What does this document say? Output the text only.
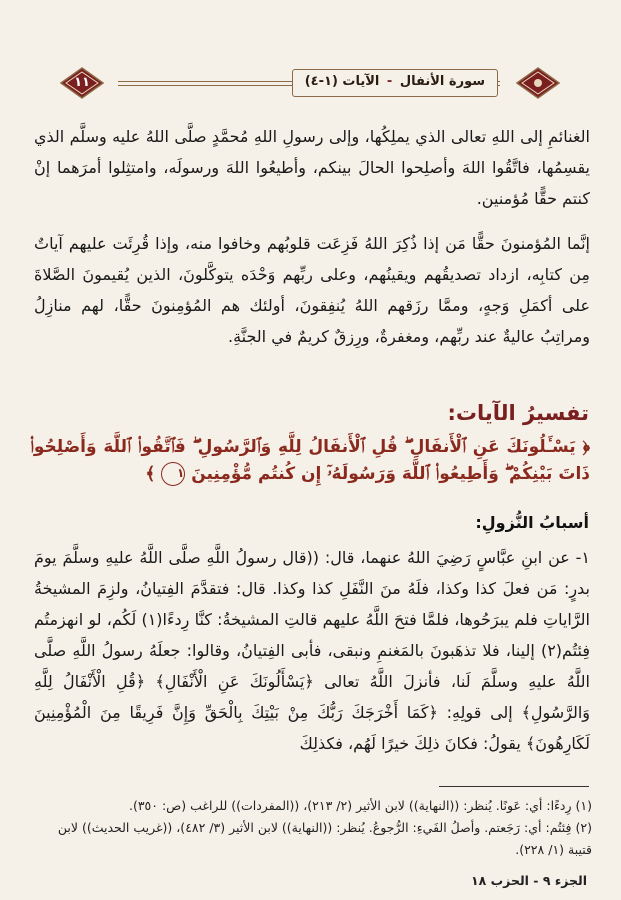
١١	سورة الأنفال - الآيات (١-٤)

الغنائمِ إلى اللهِ تعالى الذي يملِكُها، وإلى رسولِ اللهِ مُحمَّدٍ صلَّى اللهُ عليه وسلَّم الذي يقسِمُها، فاتَّقُوا اللهَ وأصلِحوا الحالَ بينكم، وأطيعُوا اللهَ ورسولَه، وامتثِلوا أمرَهما إنْ كنتم حقًّا مُؤمنين.

إنَّما المُؤمنونَ حقًّا مَن إذا ذُكِرَ اللهُ فَزِعَت قلوبُهم وخافوا منه، وإذا قُرِئَت عليهم آياتٌ مِن كتابِه، ازداد تصديقُهم ويقينُهم، وعلى ربِّهم وَحْدَه يتوكَّلونَ، الذين يُقيمونَ الصَّلاةَ على أكمَلِ وَجهٍ، وممَّا رزَقهم اللهُ يُنفِقونَ، أولئك هم المُؤمِنونَ حقًّا، لهم منازِلُ ومراتِبُ عاليةٌ عند ربِّهم، ومغفرةٌ، ورِزقٌ كريمٌ في الجنَّةِ.

تفسيرُ الآيات:
﴿ يَسْـَٔلُونَكَ عَنِ ٱلْأَنفَالِ ۖ قُلِ ٱلْأَنفَالُ لِلَّهِ وَٱلرَّسُولِ ۖ فَٱتَّقُوا۟ ٱللَّهَ وَأَصْلِحُوا۟ ذَاتَ بَيْنِكُمْ ۖ وَأَطِيعُوا۟ ٱللَّهَ وَرَسُولَهُۥٓ إِن كُنتُم مُّؤْمِنِينَ ١ ﴾
أسبابُ النُّزولِ:

١- عن ابنِ عبَّاسٍ رَضِيَ اللهُ عنهما، قال: ((قال رسولُ اللَّهِ صلَّى اللَّهُ عليهِ وسلَّمَ يومَ بدرٍ: مَن فعلَ كذا وكذا، فلَهُ منَ النَّفَلِ كذا وكذا. قال: فتقدَّمَ الفِتيانُ، ولزِمَ المشيخةُ الرَّاياتِ فلم يبرَحُوها، فلمَّا فتحَ اللَّهُ عليهم قالتِ المشيخةُ: كنَّا رِدءًا(١) لَكُم، لو انهزمتُم فِئتُم(٢) إلينا، فلا تذهَبونَ بالمَغنمِ ونبقى، فأبى الفِتيانُ، وقالوا: جعلَهُ رسولُ اللَّهِ صلَّى اللَّهُ عليهِ وسلَّمَ لَنا، فأنزلَ اللَّهُ تعالى ﴿يَسْأَلُونَكَ عَنِ الْأَنْفَالِ﴾ ﴿قُلِ الْأَنْفَالُ لِلَّهِ وَالرَّسُولِ﴾ إلى قولِهِ: ﴿كَمَا أَخْرَجَكَ رَبُّكَ مِنْ بَيْتِكَ بِالْحَقِّ وَإِنَّ فَرِيقًا مِنَ الْمُؤْمِنِينَ لَكَارِهُونَ﴾ يقولُ: فكانَ ذلِكَ خيرًا لَهُم، فكذلِكَ

(١) رِدءًا: أي: عَونًا. يُنظر: ((النهاية)) لابن الأثير (٢/ ٢١٣)، ((المفردات)) للراغب (ص: ٣٥٠).
(٢) فِئتُم: أي: رَجَعتم. وأصلُ الفَيءِ: الرُّجوعُ. يُنظر: ((النهاية)) لابن الأثير (٣/ ٤٨٢)، ((غريب الحديث)) لابن قتيبة (١/ ٢٢٨).
الجزء ٩ - الحزب ١٨
